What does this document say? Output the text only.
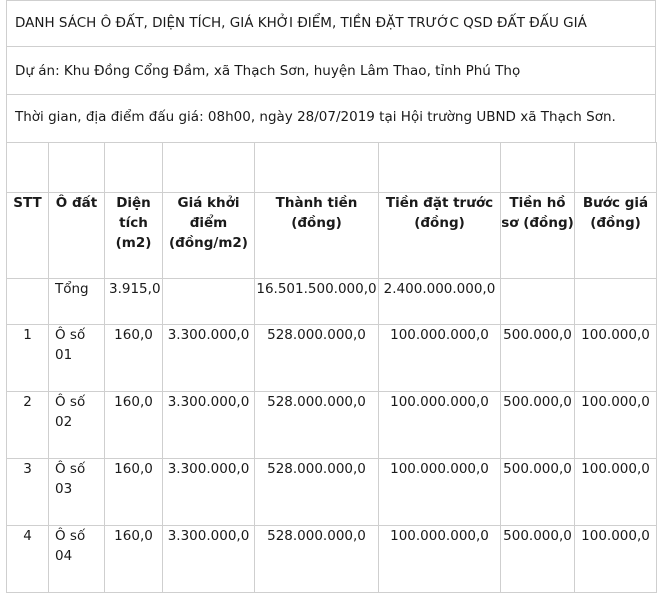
DANH SÁCH Ô ĐẤT, DIỆN TÍCH, GIÁ KHỞI ĐIỂM, TIỀN ĐẶT TRƯỚC QSD ĐẤT ĐẤU GIÁ
Dự án: Khu Đồng Cổng Đầm, xã Thạch Sơn, huyện Lâm Thao, tỉnh Phú Thọ
Thời gian, địa điểm đấu giá: 08h00, ngày 28/07/2019 tại Hội trường UBND xã Thạch Sơn.

STT	Ô đất	Diện tích (m2)	Giá khởi điểm (đồng/m2)	Thành tiền (đồng)	Tiền đặt trước (đồng)	Tiền hồ sơ (đồng)	Bước giá (đồng)
	Tổng	3.915,0		16.501.500.000,0	2.400.000.000,0		
1	Ô số 01	160,0	3.300.000,0	528.000.000,0	100.000.000,0	500.000,0	100.000,0
2	Ô số 02	160,0	3.300.000,0	528.000.000,0	100.000.000,0	500.000,0	100.000,0
3	Ô số 03	160,0	3.300.000,0	528.000.000,0	100.000.000,0	500.000,0	100.000,0
4	Ô số 04	160,0	3.300.000,0	528.000.000,0	100.000.000,0	500.000,0	100.000,0
